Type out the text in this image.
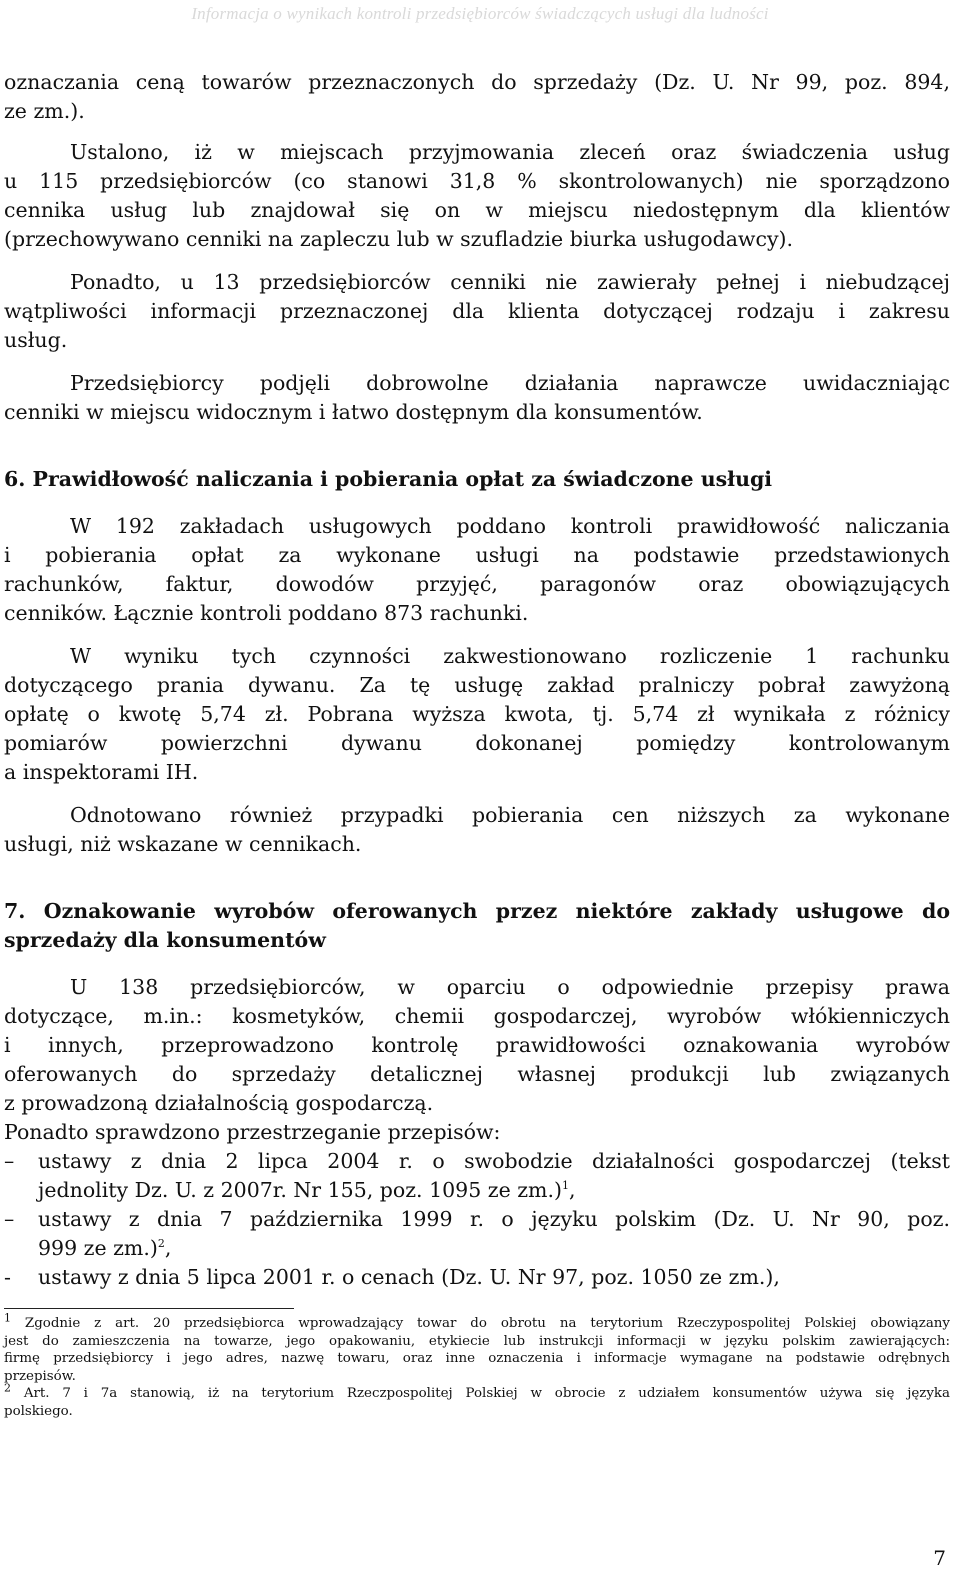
Informacja o wynikach kontroli przedsiębiorców świadczących usługi dla ludności

oznaczania ceną towarów przeznaczonych do sprzedaży (Dz. U. Nr 99, poz. 894,

ze zm.).

Ustalono, iż w miejscach przyjmowania zleceń oraz świadczenia usług

u 115 przedsiębiorców (co stanowi 31,8 % skontrolowanych) nie sporządzono

cennika usług lub znajdował się on w miejscu niedostępnym dla klientów

(przechowywano cenniki na zapleczu lub w szufladzie biurka usługodawcy).

Ponadto, u 13 przedsiębiorców cenniki nie zawierały pełnej i niebudzącej

wątpliwości informacji przeznaczonej dla klienta dotyczącej rodzaju i zakresu

usług.

Przedsiębiorcy podjęli dobrowolne działania naprawcze uwidaczniając

cenniki w miejscu widocznym i łatwo dostępnym dla konsumentów.

6. Prawidłowość naliczania i pobierania opłat za świadczone usługi

W 192 zakładach usługowych poddano kontroli prawidłowość naliczania

i pobierania opłat za wykonane usługi na podstawie przedstawionych

rachunków, faktur, dowodów przyjęć, paragonów oraz obowiązujących

cenników. Łącznie kontroli poddano 873 rachunki.

W wyniku tych czynności zakwestionowano rozliczenie 1 rachunku

dotyczącego prania dywanu. Za tę usługę zakład pralniczy pobrał zawyżoną

opłatę o kwotę 5,74 zł. Pobrana wyższa kwota, tj. 5,74 zł wynikała z różnicy

pomiarów powierzchni dywanu dokonanej pomiędzy kontrolowanym

a inspektorami IH.

Odnotowano również przypadki pobierania cen niższych za wykonane

usługi, niż wskazane w cennikach.

7. Oznakowanie wyrobów oferowanych przez niektóre zakłady usługowe do

sprzedaży dla konsumentów

U 138 przedsiębiorców, w oparciu o odpowiednie przepisy prawa

dotyczące, m.in.: kosmetyków, chemii gospodarczej, wyrobów włókienniczych

i innych, przeprowadzono kontrolę prawidłowości oznakowania wyrobów

oferowanych do sprzedaży detalicznej własnej produkcji lub związanych

z prowadzoną działalnością gospodarczą.

Ponadto sprawdzono przestrzeganie przepisów:

– ustawy z dnia 2 lipca 2004 r. o swobodzie działalności gospodarczej (tekst

jednolity Dz. U. z 2007r. Nr 155, poz. 1095 ze zm.)$^1$,

– ustawy z dnia 7 października 1999 r. o języku polskim (Dz. U. Nr 90, poz.

999 ze zm.)$^2$,

- ustawy z dnia 5 lipca 2001 r. o cenach (Dz. U. Nr 97, poz. 1050 ze zm.),

$^1$ Zgodnie z art. 20 przedsiębiorca wprowadzający towar do obrotu na terytorium Rzeczypospolitej Polskiej obowiązany

jest do zamieszczenia na towarze, jego opakowaniu, etykiecie lub instrukcji informacji w języku polskim zawierających:

firmę przedsiębiorcy i jego adres, nazwę towaru, oraz inne oznaczenia i informacje wymagane na podstawie odrębnych

przepisów.

$^2$ Art. 7 i 7a stanowią, iż na terytorium Rzeczpospolitej Polskiej w obrocie z udziałem konsumentów używa się języka

polskiego.

7
